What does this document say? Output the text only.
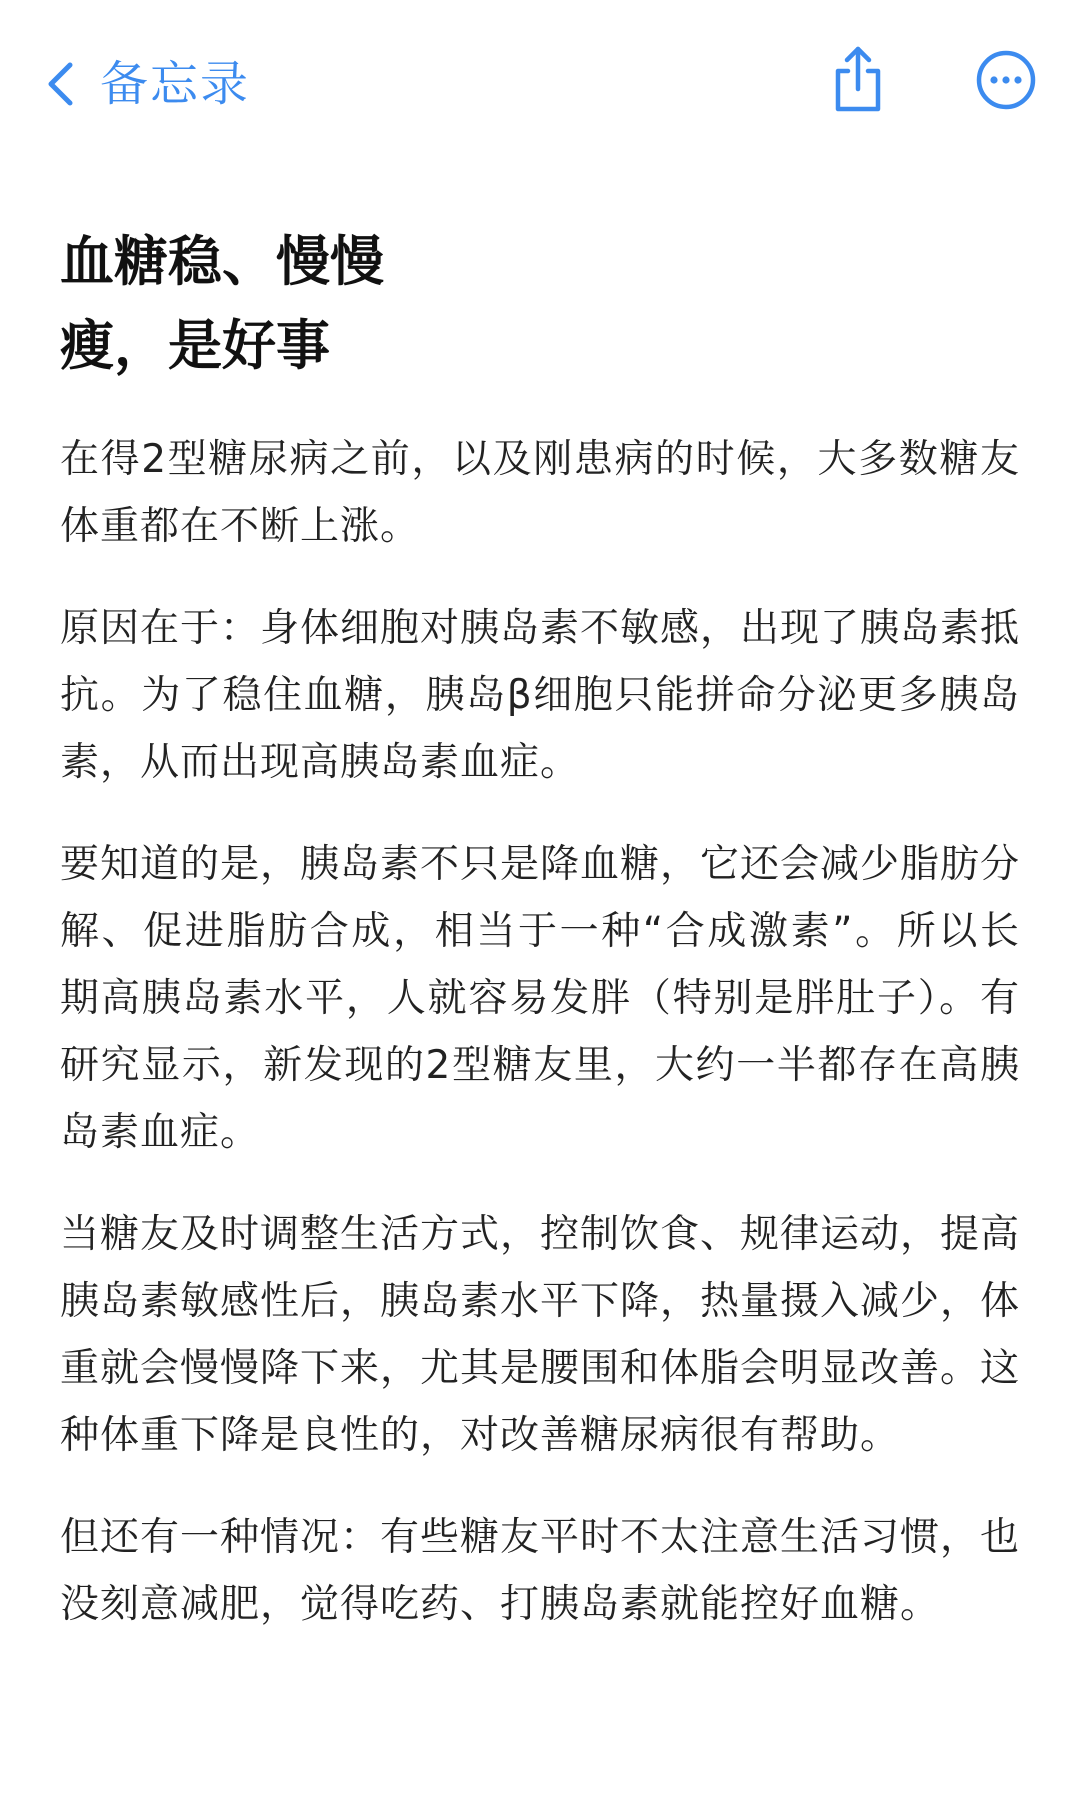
备忘录
血糖稳、慢慢瘦，是好事

在得2型糖尿病之前，以及刚患病的时候，大多数糖友体重都在不断上涨。

原因在于：身体细胞对胰岛素不敏感，出现了胰岛素抵抗。为了稳住血糖，胰岛β细胞只能拼命分泌更多胰岛素，从而出现高胰岛素血症。

要知道的是，胰岛素不只是降血糖，它还会减少脂肪分解、促进脂肪合成，相当于一种“合成激素”。所以长期高胰岛素水平，人就容易发胖（特别是胖肚子）。有研究显示，新发现的2型糖友里，大约一半都存在高胰岛素血症。

当糖友及时调整生活方式，控制饮食、规律运动，提高胰岛素敏感性后，胰岛素水平下降，热量摄入减少，体重就会慢慢降下来，尤其是腰围和体脂会明显改善。这种体重下降是良性的，对改善糖尿病很有帮助。

但还有一种情况：有些糖友平时不太注意生活习惯，也没刻意减肥，觉得吃药、打胰岛素就能控好血糖。
